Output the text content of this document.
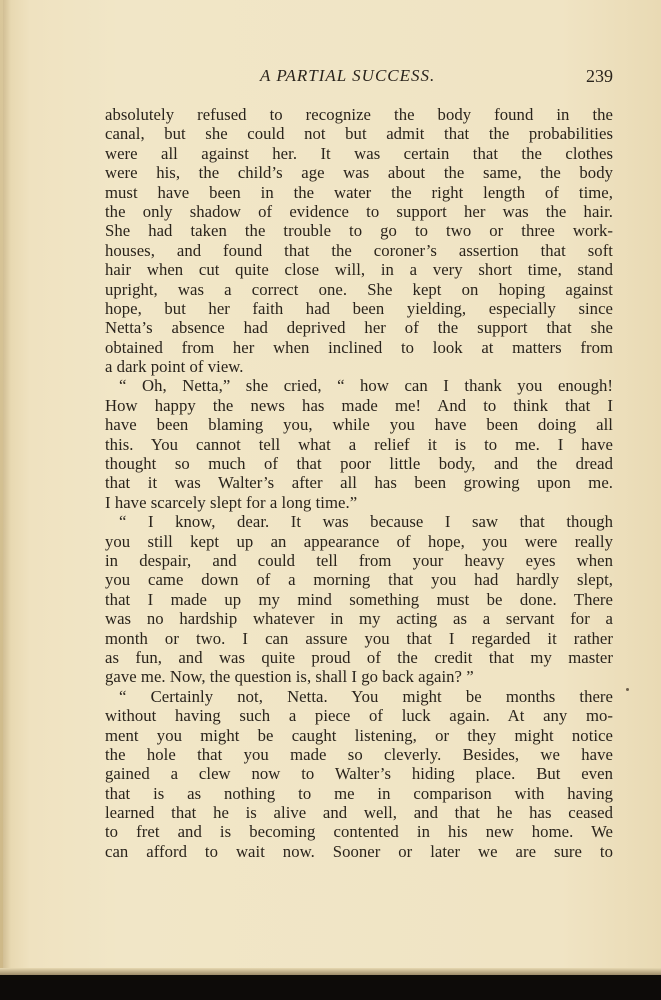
A PARTIAL SUCCESS.	239
absolutely refused to recognize the body found in the
canal, but she could not but admit that the probabilities
were all against her. It was certain that the clothes
were his, the child’s age was about the same, the body
must have been in the water the right length of time,
the only shadow of evidence to support her was the hair.
She had taken the trouble to go to two or three work-
houses, and found that the coroner’s assertion that soft
hair when cut quite close will, in a very short time, stand
upright, was a correct one. She kept on hoping against
hope, but her faith had been yielding, especially since
Netta’s absence had deprived her of the support that she
obtained from her when inclined to look at matters from
a dark point of view.
“ Oh, Netta,” she cried, “ how can I thank you enough!
How happy the news has made me! And to think that I
have been blaming you, while you have been doing all
this. You cannot tell what a relief it is to me. I have
thought so much of that poor little body, and the dread
that it was Walter’s after all has been growing upon me.
I have scarcely slept for a long time.”
“ I know, dear. It was because I saw that though
you still kept up an appearance of hope, you were really
in despair, and could tell from your heavy eyes when
you came down of a morning that you had hardly slept,
that I made up my mind something must be done. There
was no hardship whatever in my acting as a servant for a
month or two. I can assure you that I regarded it rather
as fun, and was quite proud of the credit that my master
gave me. Now, the question is, shall I go back again? ”
“ Certainly not, Netta. You might be months there
without having such a piece of luck again. At any mo-
ment you might be caught listening, or they might notice
the hole that you made so cleverly. Besides, we have
gained a clew now to Walter’s hiding place. But even
that is as nothing to me in comparison with having
learned that he is alive and well, and that he has ceased
to fret and is becoming contented in his new home. We
can afford to wait now. Sooner or later we are sure to
